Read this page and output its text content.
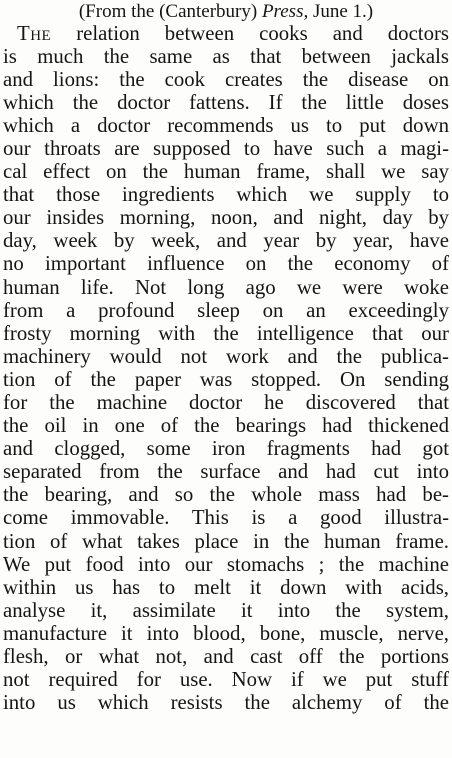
(From the (Canterbury) Press, June 1.)
The relation between cooks and doctors
is much the same as that between jackals
and lions: the cook creates the disease on
which the doctor fattens. If the little doses
which a doctor recommends us to put down
our throats are supposed to have such a magi-
cal effect on the human frame, shall we say
that those ingredients which we supply to
our insides morning, noon, and night, day by
day, week by week, and year by year, have
no important influence on the economy of
human life. Not long ago we were woke
from a profound sleep on an exceedingly
frosty morning with the intelligence that our
machinery would not work and the publica-
tion of the paper was stopped. On sending
for the machine doctor he discovered that
the oil in one of the bearings had thickened
and clogged, some iron fragments had got
separated from the surface and had cut into
the bearing, and so the whole mass had be-
come immovable. This is a good illustra-
tion of what takes place in the human frame.
We put food into our stomachs ; the machine
within us has to melt it down with acids,
analyse it, assimilate it into the system,
manufacture it into blood, bone, muscle, nerve,
flesh, or what not, and cast off the portions
not required for use. Now if we put stuff
into us which resists the alchemy of the
